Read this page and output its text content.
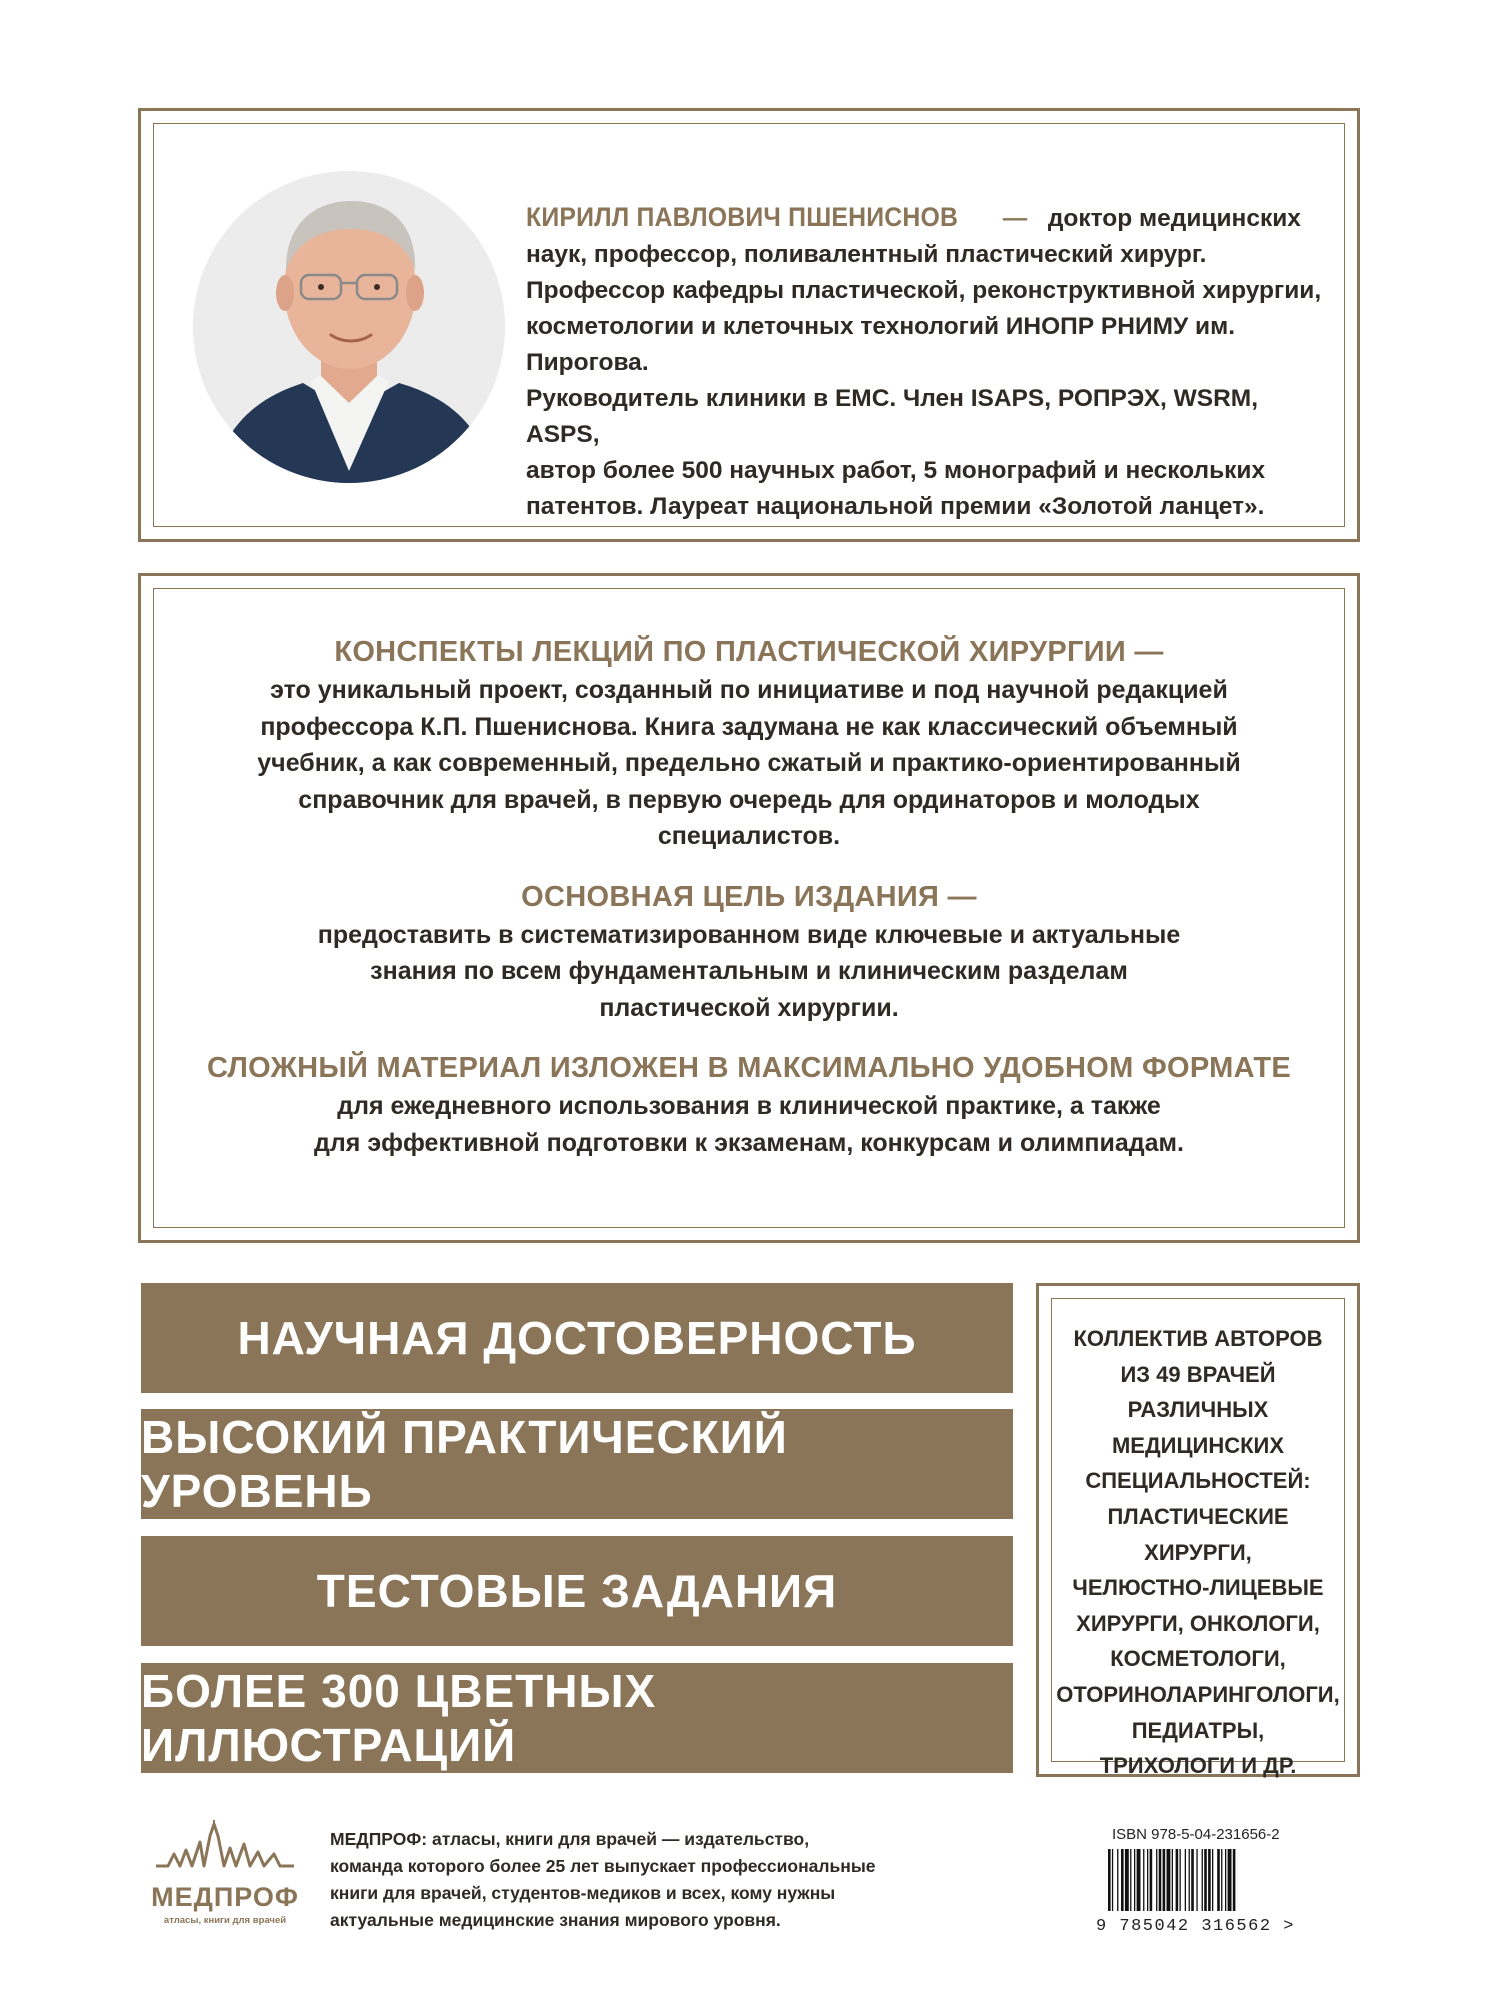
КИРИЛЛ ПАВЛОВИЧ ПШЕНИСНОВ — доктор медицинских
наук, профессор, поливалентный пластический хирург.
Профессор кафедры пластической, реконструктивной хирургии,
косметологии и клеточных технологий ИНОПР РНИМУ им. Пирогова.
Руководитель клиники в ЕМС. Член ISAPS, РОПРЭХ, WSRM, ASPS,
автор более 500 научных работ, 5 монографий и нескольких
патентов. Лауреат национальной премии «Золотой ланцет».
КОНСПЕКТЫ ЛЕКЦИЙ ПО ПЛАСТИЧЕСКОЙ ХИРУРГИИ —
это уникальный проект, созданный по инициативе и под научной редакцией
профессора К.П. Пшениснова. Книга задумана не как классический объемный
учебник, а как современный, предельно сжатый и практико-ориентированный
справочник для врачей, в первую очередь для ординаторов и молодых
специалистов.
ОСНОВНАЯ ЦЕЛЬ ИЗДАНИЯ —
предоставить в систематизированном виде ключевые и актуальные
знания по всем фундаментальным и клиническим разделам
пластической хирургии.
СЛОЖНЫЙ МАТЕРИАЛ ИЗЛОЖЕН В МАКСИМАЛЬНО УДОБНОМ ФОРМАТЕ
для ежедневного использования в клинической практике, а также
для эффективной подготовки к экзаменам, конкурсам и олимпиадам.
НАУЧНАЯ ДОСТОВЕРНОСТЬ
ВЫСОКИЙ ПРАКТИЧЕСКИЙ УРОВЕНЬ
ТЕСТОВЫЕ ЗАДАНИЯ
БОЛЕЕ 300 ЦВЕТНЫХ ИЛЛЮСТРАЦИЙ
КОЛЛЕКТИВ АВТОРОВ
ИЗ 49 ВРАЧЕЙ
РАЗЛИЧНЫХ
МЕДИЦИНСКИХ
СПЕЦИАЛЬНОСТЕЙ:
ПЛАСТИЧЕСКИЕ ХИРУРГИ,
ЧЕЛЮСТНО-ЛИЦЕВЫЕ
ХИРУРГИ, ОНКОЛОГИ,
КОСМЕТОЛОГИ,
ОТОРИНОЛАРИНГОЛОГИ,
ПЕДИАТРЫ,
ТРИХОЛОГИ И ДР.
МЕДПРОФ
атласы, книги для врачей
МЕДПРОФ: атласы, книги для врачей — издательство,
команда которого более 25 лет выпускает профессиональные
книги для врачей, студентов-медиков и всех, кому нужны
актуальные медицинские знания мирового уровня.
ISBN 978-5-04-231656-2
9 785042 316562 >
